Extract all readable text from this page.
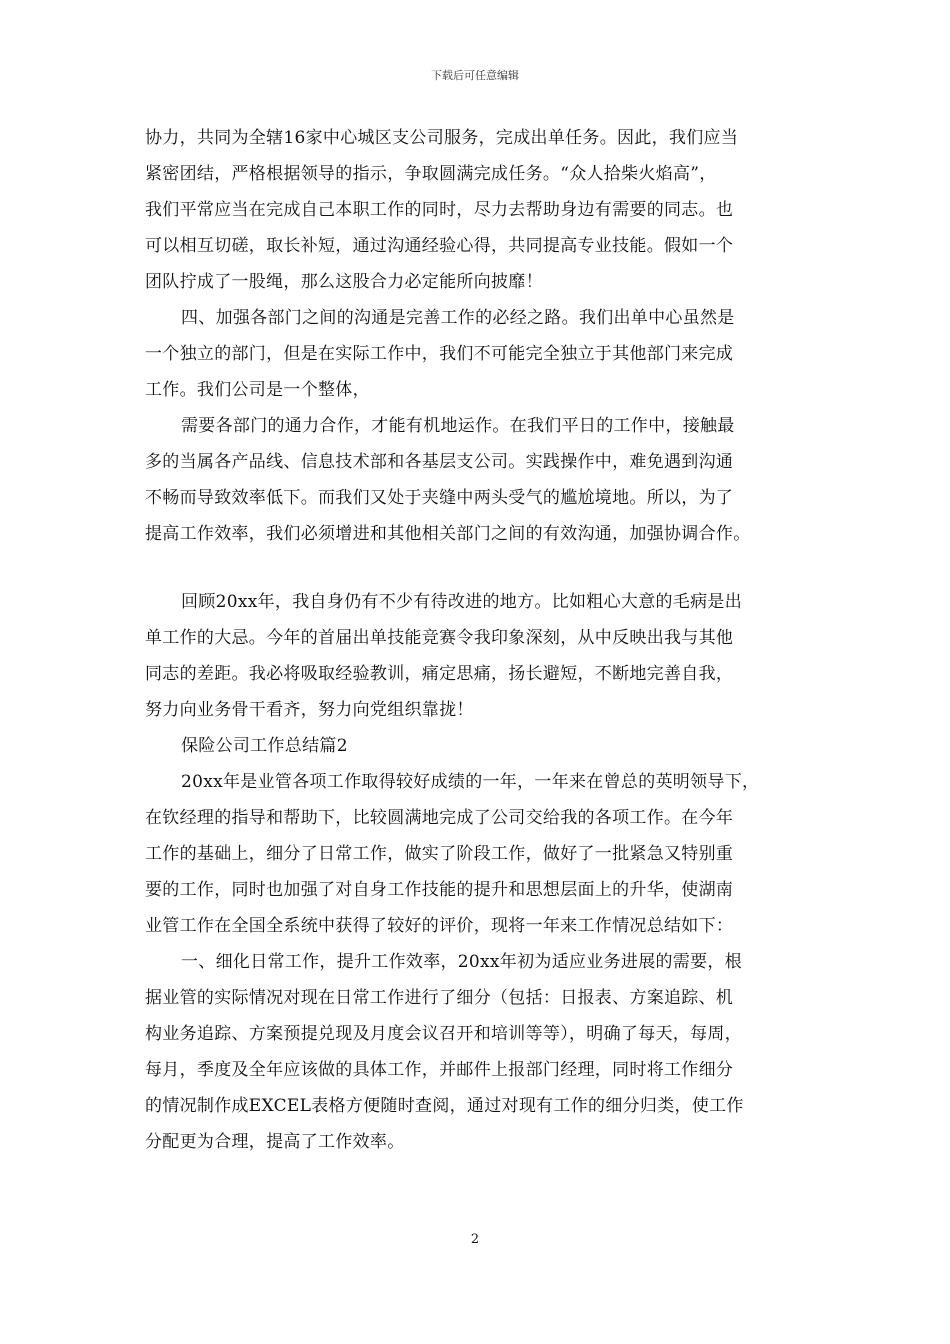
下载后可任意编辑
协力，共同为全辖16家中心城区支公司服务，完成出单任务。因此，我们应当
紧密团结，严格根据领导的指示，争取圆满完成任务。“众人拾柴火焰高”，
我们平常应当在完成自己本职工作的同时，尽力去帮助身边有需要的同志。也
可以相互切磋，取长补短，通过沟通经验心得，共同提高专业技能。假如一个
团队拧成了一股绳，那么这股合力必定能所向披靡！
四、加强各部门之间的沟通是完善工作的必经之路。我们出单中心虽然是
一个独立的部门，但是在实际工作中，我们不可能完全独立于其他部门来完成
工作。我们公司是一个整体，
需要各部门的通力合作，才能有机地运作。在我们平日的工作中，接触最
多的当属各产品线、信息技术部和各基层支公司。实践操作中，难免遇到沟通
不畅而导致效率低下。而我们又处于夹缝中两头受气的尴尬境地。所以，为了
提高工作效率，我们必须增进和其他相关部门之间的有效沟通，加强协调合作。
回顾20xx年，我自身仍有不少有待改进的地方。比如粗心大意的毛病是出
单工作的大忌。今年的首届出单技能竞赛令我印象深刻，从中反映出我与其他
同志的差距。我必将吸取经验教训，痛定思痛，扬长避短，不断地完善自我，
努力向业务骨干看齐，努力向党组织靠拢！
保险公司工作总结篇2
20xx年是业管各项工作取得较好成绩的一年，一年来在曾总的英明领导下，
在钦经理的指导和帮助下，比较圆满地完成了公司交给我的各项工作。在今年
工作的基础上，细分了日常工作，做实了阶段工作，做好了一批紧急又特别重
要的工作，同时也加强了对自身工作技能的提升和思想层面上的升华，使湖南
业管工作在全国全系统中获得了较好的评价，现将一年来工作情况总结如下：
一、细化日常工作，提升工作效率，20xx年初为适应业务进展的需要，根
据业管的实际情况对现在日常工作进行了细分（包括：日报表、方案追踪、机
构业务追踪、方案预提兑现及月度会议召开和培训等等），明确了每天，每周，
每月，季度及全年应该做的具体工作，并邮件上报部门经理，同时将工作细分
的情况制作成EXCEL表格方便随时查阅，通过对现有工作的细分归类，使工作
分配更为合理，提高了工作效率。
2
